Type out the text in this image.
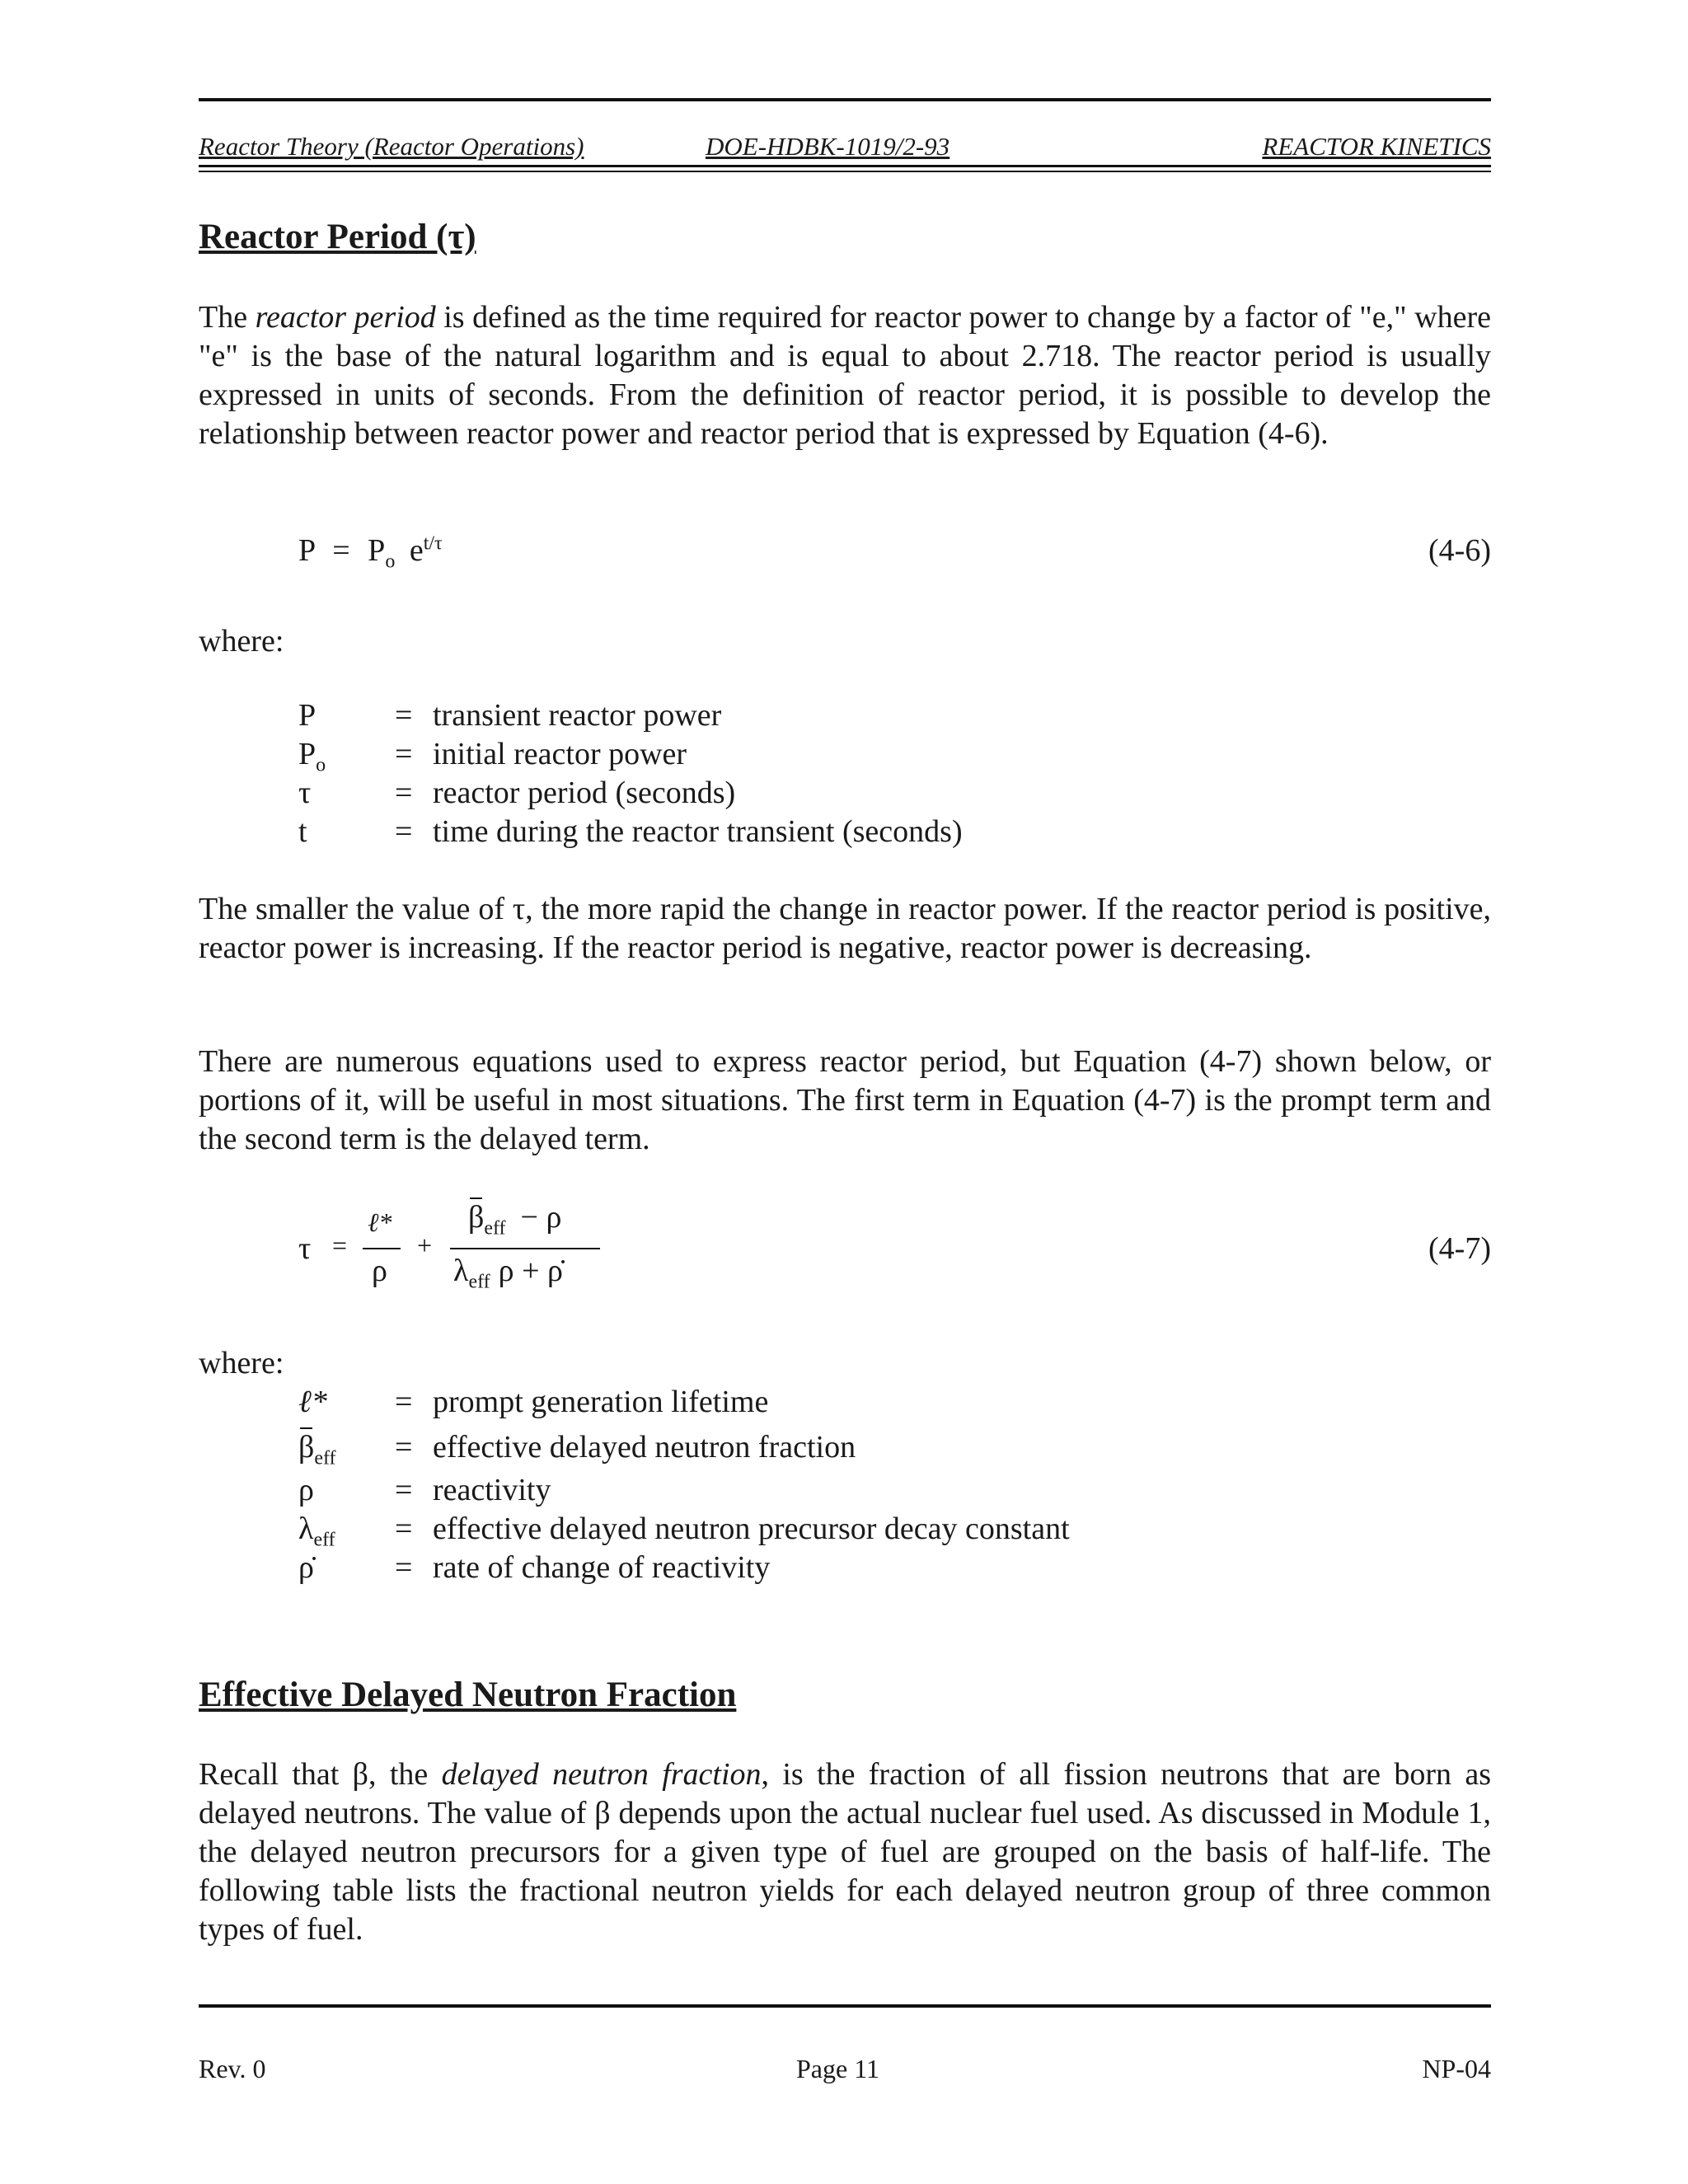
Reactor Theory (Reactor Operations)	DOE-HDBK-1019/2-93	REACTOR KINETICS
Reactor Period (τ)
The reactor period is defined as the time required for reactor power to change by a factor of "e," where "e" is the base of the natural logarithm and is equal to about 2.718. The reactor period is usually expressed in units of seconds. From the definition of reactor period, it is possible to develop the relationship between reactor power and reactor period that is expressed by Equation (4-6).
$P = P_o$ $e^{t/\tau}$	(4-6)
where:
P	= transient reactor power
$P_o$ = initial reactor power
τ	= reactor period (seconds)
t	= time during the reactor transient (seconds)
The smaller the value of τ, the more rapid the change in reactor power. If the reactor period is positive, reactor power is increasing. If the reactor period is negative, reactor power is decreasing.
There are numerous equations used to express reactor period, but Equation (4-7) shown below, or portions of it, will be useful in most situations. The first term in Equation (4-7) is the prompt term and the second term is the delayed term.
τ =
ℓ*
ρ
+
$\beta_{eff} - \rho$
$\lambda_{eff}$ ρ + ρ̇
(4-7)
where:
ℓ* = prompt generation lifetime
$\beta_{eff}$ = effective delayed neutron fraction
ρ	= reactivity
$\lambda_{eff}$ = effective delayed neutron precursor decay constant
ρ̇	= rate of change of reactivity
Effective Delayed Neutron Fraction
Recall that β, the delayed neutron fraction, is the fraction of all fission neutrons that are born as delayed neutrons. The value of β depends upon the actual nuclear fuel used. As discussed in Module 1, the delayed neutron precursors for a given type of fuel are grouped on the basis of half-life. The following table lists the fractional neutron yields for each delayed neutron group of three common types of fuel.
Rev. 0	Page 11	NP-04
